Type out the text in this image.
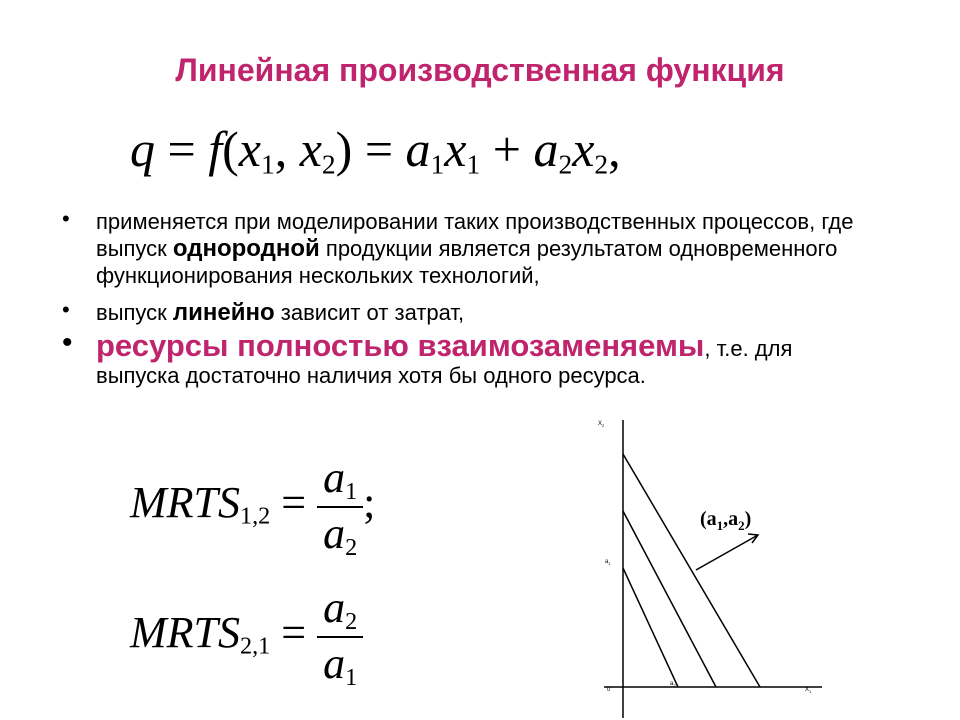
Линейная производственная функция
$q = f(x_1$, $x_2) = a_1x_1 + a_2x_2$,
• применяется при моделировании таких производственных процессов, где выпуск однородной продукции является результатом одновременного функционирования нескольких технологий,
• выпуск линейно зависит от затрат,
• ресурсы полностью взаимозаменяемы, т.е. для выпуска достаточно наличия хотя бы одного ресурса.
$MRTS_{1,2} = \frac{a_1}{a_2}$ ;
$MRTS_{2,1} = \frac{a_2}{a_1}$
$(a_1,a_2)$
0	$X_1$
$X_2$
$a_1$
$a_2$
